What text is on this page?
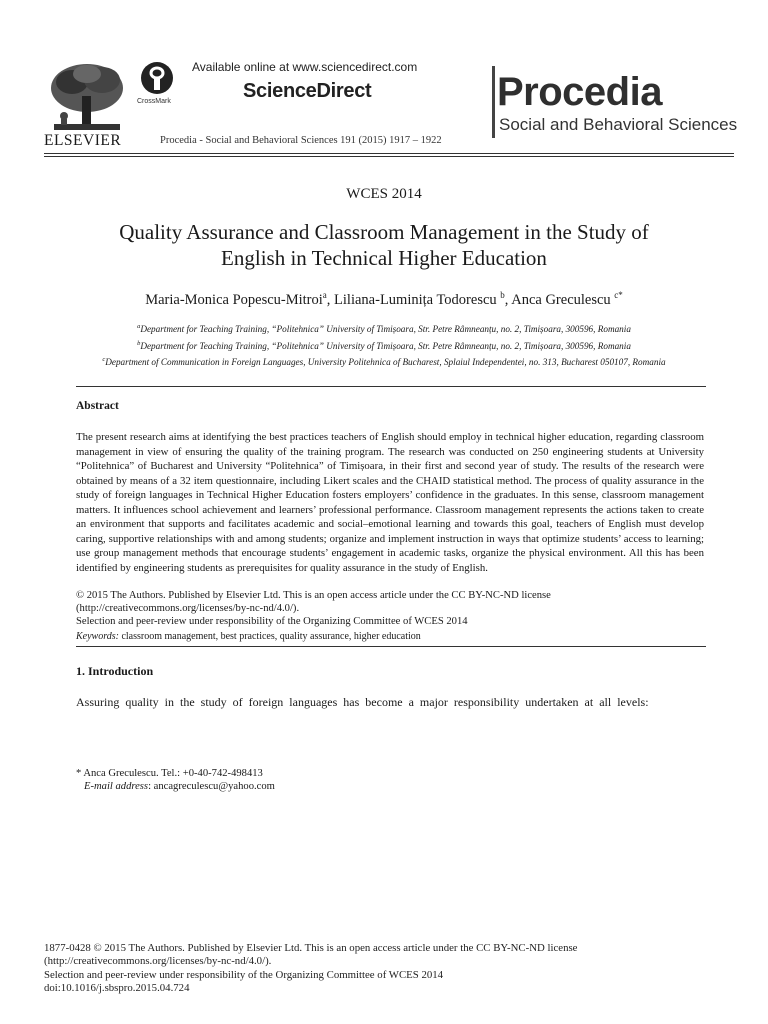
ELSEVIER
CrossMark
Available online at www.sciencedirect.com
ScienceDirect
Procedia - Social and Behavioral Sciences 191 (2015) 1917 – 1922
Procedia
Social and Behavioral Sciences
WCES 2014
Quality Assurance and Classroom Management in the Study of
English in Technical Higher Education
Maria-Monica Popescu-Mitroi$^a$, Liliana-Luminița Todorescu $^b$, Anca Greculescu $^{c*}$
$^a$Department for Teaching Training, “Politehnica” University of Timișoara, Str. Petre Râmneanțu, no. 2, Timișoara, 300596, Romania
$^b$Department for Teaching Training, “Politehnica” University of Timișoara, Str. Petre Râmneanțu, no. 2, Timișoara, 300596, Romania
$^c$Department of Communication in Foreign Languages, University Politehnica of Bucharest, Splaiul Independentei, no. 313, Bucharest 050107, Romania
Abstract
The present research aims at identifying the best practices teachers of English should employ in technical higher education, regarding classroom management in view of ensuring the quality of the training program. The research was conducted on 250 engineering students at University “Politehnica” of Bucharest and University “Politehnica” of Timișoara, in their first and second year of study. The results of the research were obtained by means of a 32 item questionnaire, including Likert scales and the CHAID statistical method. The process of quality assurance in the study of foreign languages in Technical Higher Education fosters employers’ confidence in the graduates. In this sense, classroom management matters. It influences school achievement and learners’ professional performance. Classroom management represents the actions taken to create an environment that supports and facilitates academic and social–emotional learning and towards this goal, teachers of English must develop caring, supportive relationships with and among students; organize and implement instruction in ways that optimize students’ access to learning; use group management methods that encourage students’ engagement in academic tasks, organize the physical environment. All this has been identified by engineering students as prerequisites for quality assurance in the study of English.
© 2015 The Authors. Published by Elsevier Ltd. This is an open access article under the CC BY-NC-ND license
(http://creativecommons.org/licenses/by-nc-nd/4.0/).
Selection and peer-review under responsibility of the Organizing Committee of WCES 2014
Keywords: classroom management, best practices, quality assurance, higher education
1. Introduction
Assuring quality in the study of foreign languages has become a major responsibility undertaken at all levels:
* Anca Greculescu. Tel.: +0-40-742-498413
E-mail address: ancagreculescu@yahoo.com
1877-0428 © 2015 The Authors. Published by Elsevier Ltd. This is an open access article under the CC BY-NC-ND license
(http://creativecommons.org/licenses/by-nc-nd/4.0/).
Selection and peer-review under responsibility of the Organizing Committee of WCES 2014
doi:10.1016/j.sbspro.2015.04.724
